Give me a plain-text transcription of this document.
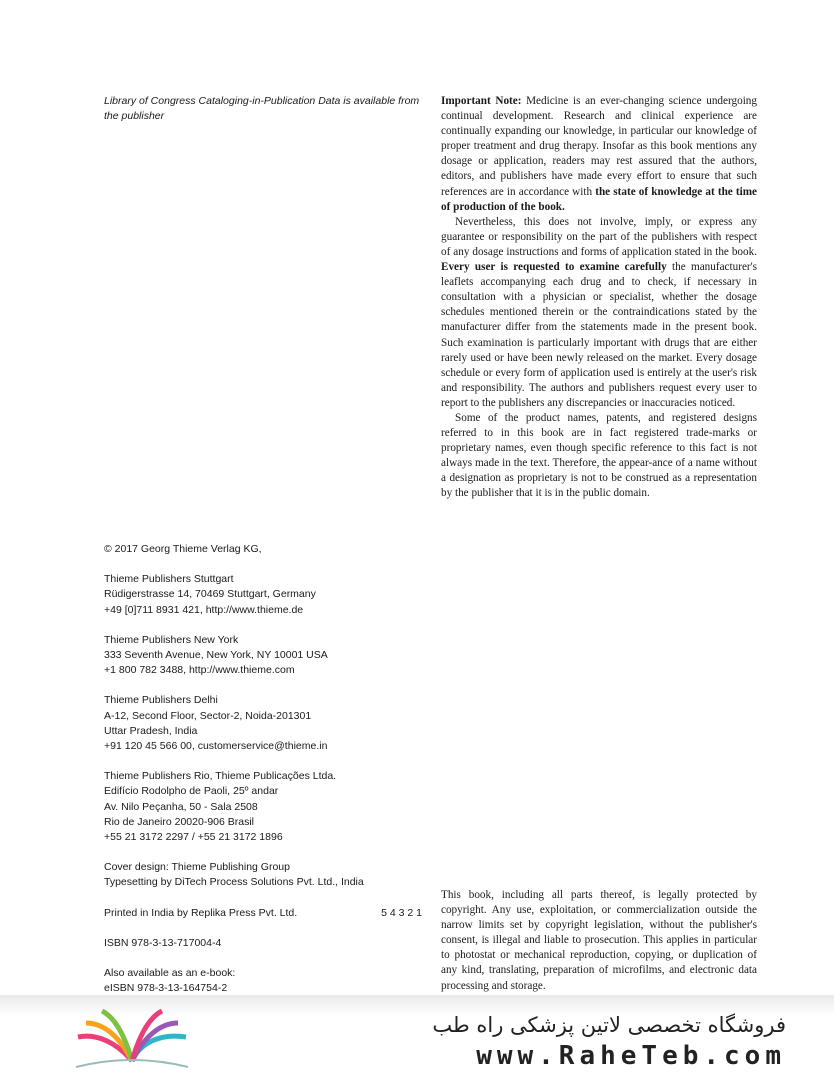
Library of Congress Cataloging-in-Publication Data is available from the publisher

Important Note: Medicine is an ever-changing science undergoing continual development. Research and clinical experience are continually expanding our knowledge, in particular our knowledge of proper treatment and drug therapy. Insofar as this book mentions any dosage or application, readers may rest assured that the authors, editors, and publishers have made every effort to ensure that such references are in accordance with the state of knowledge at the time of production of the book.

Nevertheless, this does not involve, imply, or express any guarantee or responsibility on the part of the publishers with respect of any dosage instructions and forms of application stated in the book. Every user is requested to examine carefully the manufacturer's leaflets accompanying each drug and to check, if necessary in consultation with a physician or specialist, whether the dosage schedules mentioned therein or the contraindications stated by the manufacturer differ from the statements made in the present book. Such examination is particularly important with drugs that are either rarely used or have been newly released on the market. Every dosage schedule or every form of application used is entirely at the user's risk and responsibility. The authors and publishers request every user to report to the publishers any discrepancies or inaccuracies noticed.

Some of the product names, patents, and registered designs referred to in this book are in fact registered trade-marks or proprietary names, even though specific reference to this fact is not always made in the text. Therefore, the appear-ance of a name without a designation as proprietary is not to be construed as a representation by the publisher that it is in the public domain.

© 2017 Georg Thieme Verlag KG,
Thieme Publishers Stuttgart
Rüdigerstrasse 14, 70469 Stuttgart, Germany
+49 [0]711 8931 421, http://www.thieme.de
Thieme Publishers New York
333 Seventh Avenue, New York, NY 10001 USA
+1 800 782 3488, http://www.thieme.com
Thieme Publishers Delhi
A-12, Second Floor, Sector-2, Noida-201301
Uttar Pradesh, India
+91 120 45 566 00, customerservice@thieme.in
Thieme Publishers Rio, Thieme Publicações Ltda.
Edifício Rodolpho de Paoli, 25º andar
Av. Nilo Peçanha, 50 - Sala 2508
Rio de Janeiro 20020-906 Brasil
+55 21 3172 2297 / +55 21 3172 1896
Cover design: Thieme Publishing Group
Typesetting by DiTech Process Solutions Pvt. Ltd., India
Printed in India by Replika Press Pvt. Ltd.	5 4 3 2 1
ISBN 978-3-13-717004-4
Also available as an e-book:
eISBN 978-3-13-164754-2

This book, including all parts thereof, is legally protected by copyright. Any use, exploitation, or commercialization outside the narrow limits set by copyright legislation, without the publisher's consent, is illegal and liable to prosecution. This applies in particular to photostat or mechanical reproduction, copying, or duplication of any kind, translating, preparation of microfilms, and electronic data processing and storage.

فروشگاه تخصصی لاتین پزشکی راه طب
www.RaheTeb.com
